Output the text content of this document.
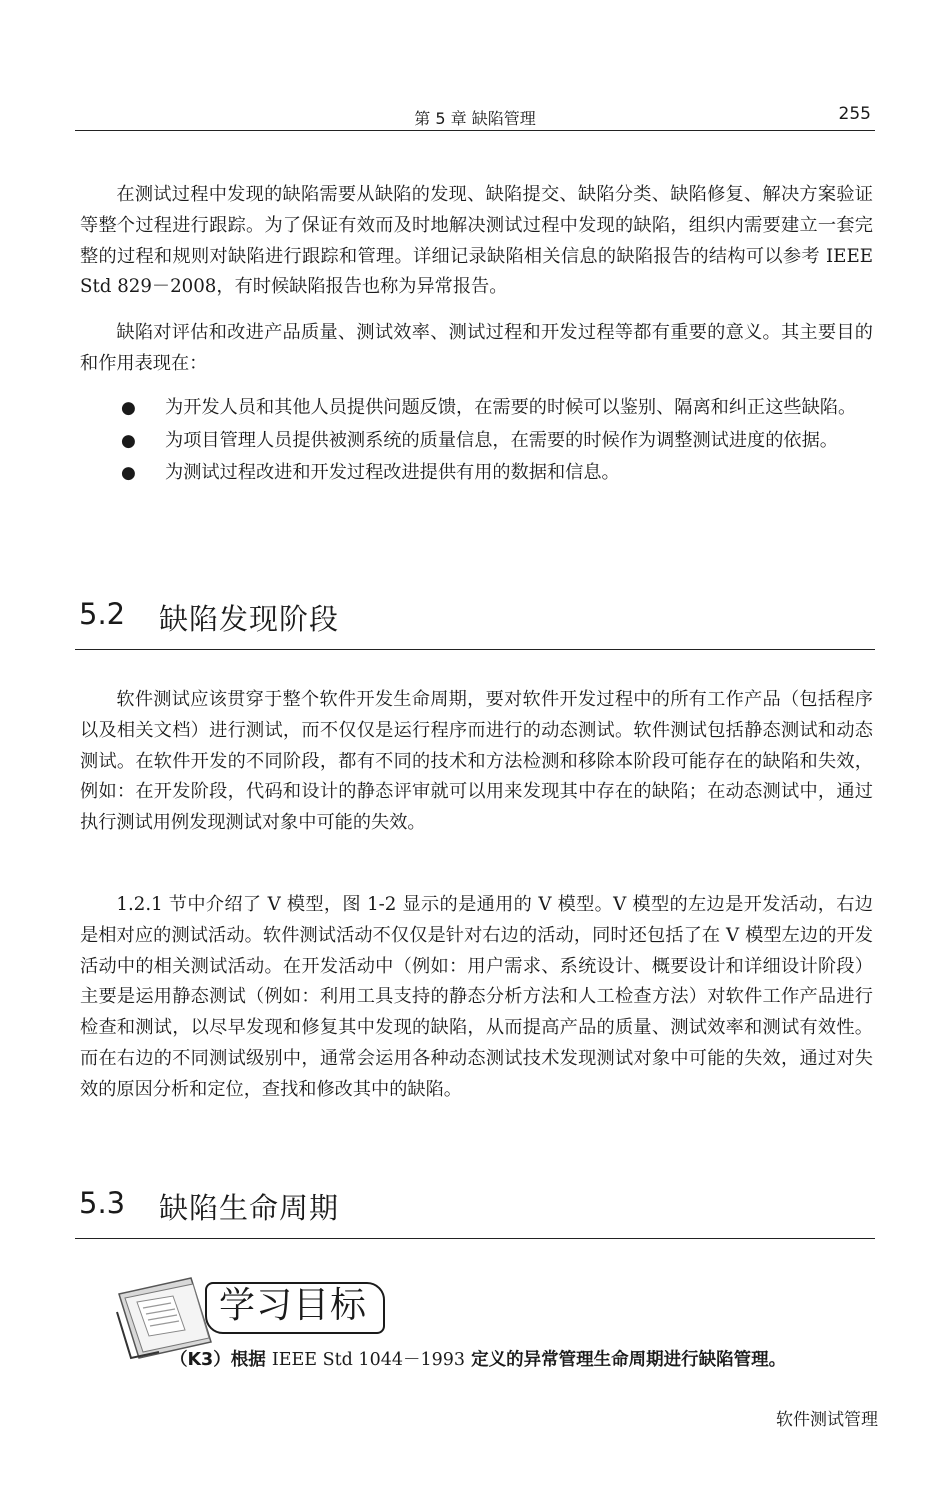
第 5 章 缺陷管理	255

在测试过程中发现的缺陷需要从缺陷的发现、缺陷提交、缺陷分类、缺陷修复、解决方案验证等整个过程进行跟踪。为了保证有效而及时地解决测试过程中发现的缺陷，组织内需要建立一套完整的过程和规则对缺陷进行跟踪和管理。详细记录缺陷相关信息的缺陷报告的结构可以参考 IEEE Std 829－2008，有时候缺陷报告也称为异常报告。

缺陷对评估和改进产品质量、测试效率、测试过程和开发过程等都有重要的意义。其主要目的和作用表现在：

● 为开发人员和其他人员提供问题反馈，在需要的时候可以鉴别、隔离和纠正这些缺陷。
● 为项目管理人员提供被测系统的质量信息，在需要的时候作为调整测试进度的依据。
● 为测试过程改进和开发过程改进提供有用的数据和信息。
5.2 缺陷发现阶段

软件测试应该贯穿于整个软件开发生命周期，要对软件开发过程中的所有工作产品（包括程序以及相关文档）进行测试，而不仅仅是运行程序而进行的动态测试。软件测试包括静态测试和动态测试。在软件开发的不同阶段，都有不同的技术和方法检测和移除本阶段可能存在的缺陷和失效，例如：在开发阶段，代码和设计的静态评审就可以用来发现其中存在的缺陷；在动态测试中，通过执行测试用例发现测试对象中可能的失效。

1.2.1 节中介绍了 V 模型，图 1-2 显示的是通用的 V 模型。V 模型的左边是开发活动，右边是相对应的测试活动。软件测试活动不仅仅是针对右边的活动，同时还包括了在 V 模型左边的开发活动中的相关测试活动。在开发活动中（例如：用户需求、系统设计、概要设计和详细设计阶段）主要是运用静态测试（例如：利用工具支持的静态分析方法和人工检查方法）对软件工作产品进行检查和测试，以尽早发现和修复其中发现的缺陷，从而提高产品的质量、测试效率和测试有效性。而在右边的不同测试级别中，通常会运用各种动态测试技术发现测试对象中可能的失效，通过对失效的原因分析和定位，查找和修改其中的缺陷。

5.3 缺陷生命周期
学习目标
（K3）根据 IEEE Std 1044－1993 定义的异常管理生命周期进行缺陷管理。
软件测试管理
